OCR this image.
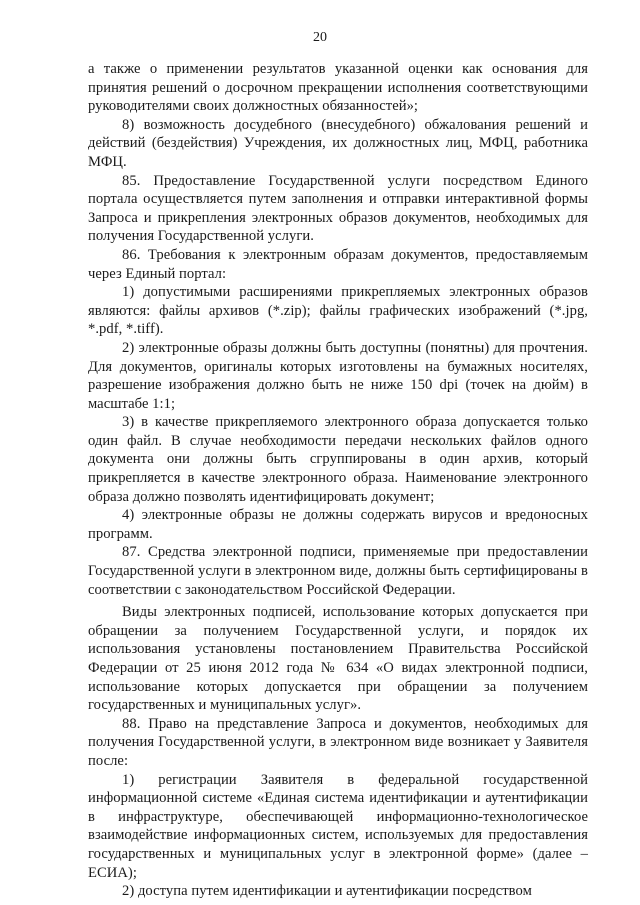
20

а также о применении результатов указанной оценки как основания для принятия решений о досрочном прекращении исполнения соответствующими руководителями своих должностных обязанностей»;

8) возможность досудебного (внесудебного) обжалования решений и действий (бездействия) Учреждения, их должностных лиц, МФЦ, работника МФЦ.

85. Предоставление Государственной услуги посредством Единого портала осуществляется путем заполнения и отправки интерактивной формы Запроса и прикрепления электронных образов документов, необходимых для получения Государственной услуги.

86. Требования к электронным образам документов, предоставляемым через Единый портал:

1) допустимыми расширениями прикрепляемых электронных образов являются: файлы архивов (*.zip); файлы графических изображений (*.jpg, *.pdf, *.tiff).

2) электронные образы должны быть доступны (понятны) для прочтения. Для документов, оригиналы которых изготовлены на бумажных носителях, разрешение изображения должно быть не ниже 150 dpi (точек на дюйм) в масштабе 1:1;

3) в качестве прикрепляемого электронного образа допускается только один файл. В случае необходимости передачи нескольких файлов одного документа они должны быть сгруппированы в один архив, который прикрепляется в качестве электронного образа. Наименование электронного образа должно позволять идентифицировать документ;

4) электронные образы не должны содержать вирусов и вредоносных программ.

87. Средства электронной подписи, применяемые при предоставлении Государственной услуги в электронном виде, должны быть сертифицированы в соответствии с законодательством Российской Федерации.

Виды электронных подписей, использование которых допускается при обращении за получением Государственной услуги, и порядок их использования установлены постановлением Правительства Российской Федерации от 25 июня 2012 года № 634 «О видах электронной подписи, использование которых допускается при обращении за получением государственных и муниципальных услуг».

88. Право на представление Запроса и документов, необходимых для получения Государственной услуги, в электронном виде возникает у Заявителя после:

1) регистрации Заявителя в федеральной государственной информационной системе «Единая система идентификации и аутентификации в инфраструктуре, обеспечивающей информационно-технологическое взаимодействие информационных систем, используемых для предоставления государственных и муниципальных услуг в электронной форме» (далее – ЕСИА);

2) доступа путем идентификации и аутентификации посредством
